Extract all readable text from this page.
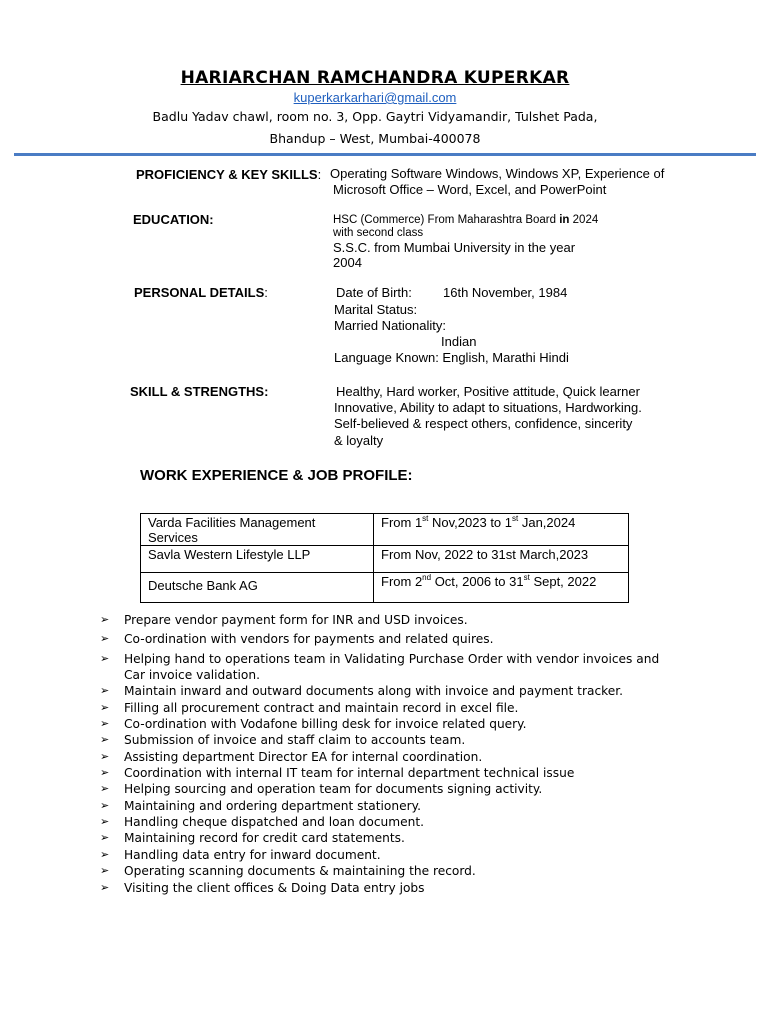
HARIARCHAN RAMCHANDRA KUPERKAR
kuperkarkarhari@gmail.com
Badlu Yadav chawl, room no. 3, Opp. Gaytri Vidyamandir, Tulshet Pada,
Bhandup – West, Mumbai-400078
PROFICIENCY & KEY SKILLS: Operating Software Windows, Windows XP, Experience of
Microsoft Office – Word, Excel, and PowerPoint
EDUCATION:	HSC (Commerce) From Maharashtra Board in 2024
with second class
S.S.C. from Mumbai University in the year
2004
PERSONAL DETAILS:	Date of Birth: 16th November, 1984
Marital Status:
Married Nationality:
Indian
Language Known: English, Marathi Hindi
SKILL & STRENGTHS:	Healthy, Hard worker, Positive attitude, Quick learner
Innovative, Ability to adapt to situations, Hardworking.
Self-believed & respect others, confidence, sincerity
& loyalty
WORK EXPERIENCE & JOB PROFILE:
Varda Facilities Management Services	From 1st Nov,2023 to 1st Jan,2024
Savla Western Lifestyle LLP	From Nov, 2022 to 31st March,2023
Deutsche Bank AG	From 2nd Oct, 2006 to 31st Sept, 2022
➢ Prepare vendor payment form for INR and USD invoices.
➢ Co-ordination with vendors for payments and related quires.
➢ Helping hand to operations team in Validating Purchase Order with vendor invoices and
Car invoice validation.
➢ Maintain inward and outward documents along with invoice and payment tracker.
➢ Filling all procurement contract and maintain record in excel file.
➢ Co-ordination with Vodafone billing desk for invoice related query.
➢ Submission of invoice and staff claim to accounts team.
➢ Assisting department Director EA for internal coordination.
➢ Coordination with internal IT team for internal department technical issue
➢ Helping sourcing and operation team for documents signing activity.
➢ Maintaining and ordering department stationery.
➢ Handling cheque dispatched and loan document.
➢ Maintaining record for credit card statements.
➢ Handling data entry for inward document.
➢ Operating scanning documents & maintaining the record.
➢ Visiting the client offices & Doing Data entry jobs
